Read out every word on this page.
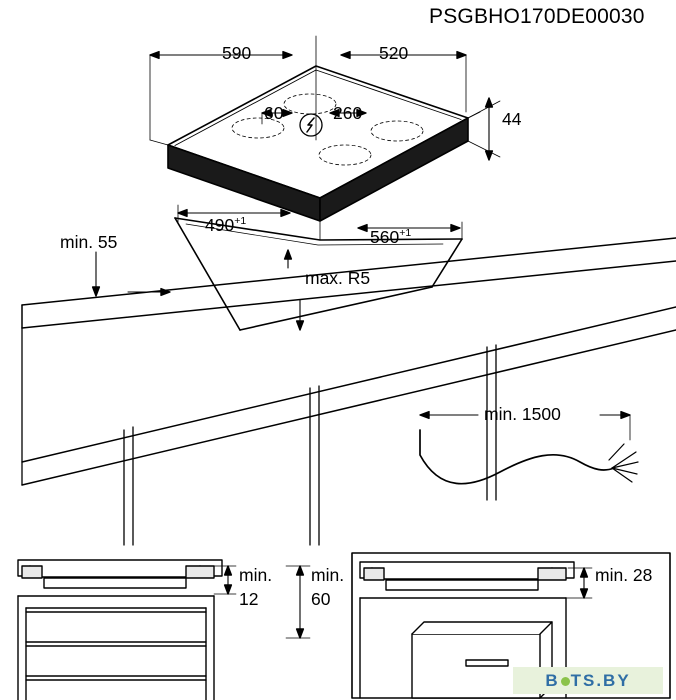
PSGBHO170DE00030
590	520
60	260	44
min. 55
$490^{+1}$
$560^{+1}$
max. R5
min. 1500
min.
12
min.
60
min. 28
B TS.BY
